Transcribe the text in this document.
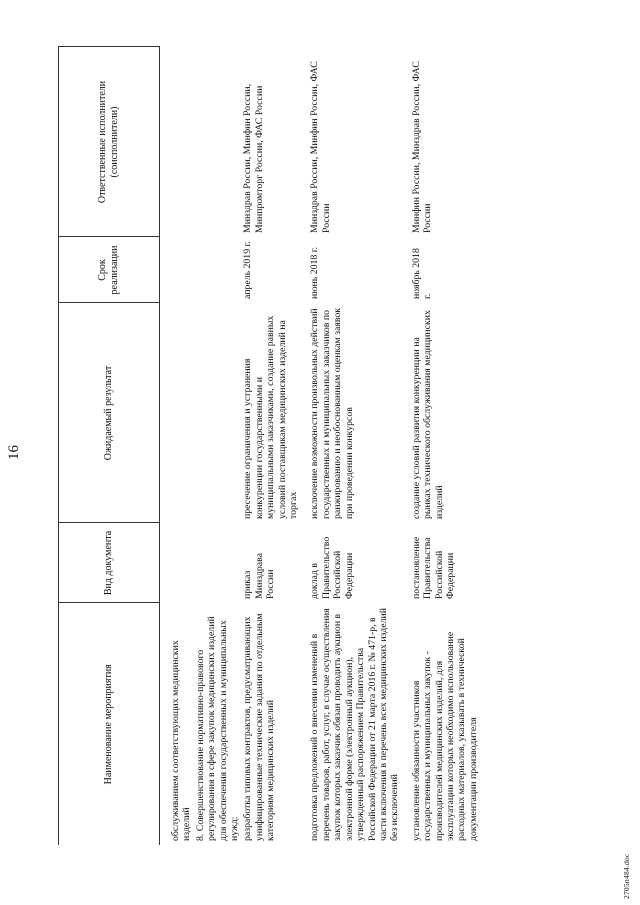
16
Наименование мероприятия	Вид документа	Ожидаемый результат	Срок реализации	Ответственные исполнители (соисполнители)

обслуживанием соответствующих медицинских изделий 8. Совершенствование нормативно-правового регулирования в сфере закупок медицинских изделий для обеспечения государственных и муниципальных нужд:				

разработка типовых контрактов, предусматривающих унифицированные технические задания по отдельным категориям медицинских изделий	приказ Минздрава России	пресечение ограничения и устранения конкуренции государственными и муниципальными заказчиками, создание равных условий поставщикам медицинских изделий на торгах	апрель 2019 г.	Минздрав России, Минфин России, Минпромторг России, ФАС России
подготовка предложений о внесении изменений в перечень товаров, работ, услуг, в случае осуществления закупок которых заказчик обязан проводить аукцион в электронной форме (электронный аукцион), утвержденный распоряжением Правительства Российской Федерации от 21 марта 2016 г. № 471-р, в части включения в перечень всех медицинских изделий без исключений	доклад в Правительство Российской Федерации	исключение возможности произвольных действий государственных и муниципальных заказчиков по ранжированию и необоснованным оценкам заявок при проведении конкурсов	июнь 2018 г.	Минздрав России, Минфин России, ФАС России
установление обязанности участников государственных и муниципальных закупок - производителей медицинских изделий, для эксплуатации которых необходимо использование расходных материалов, указывать в технической документации производителя	постановление Правительства Российской Федерации	создание условий развития конкуренции на рынках технического обслуживания медицинских изделий	ноябрь 2018 г.	Минфин России, Минздрав России, ФАС России
2705п484.doc
